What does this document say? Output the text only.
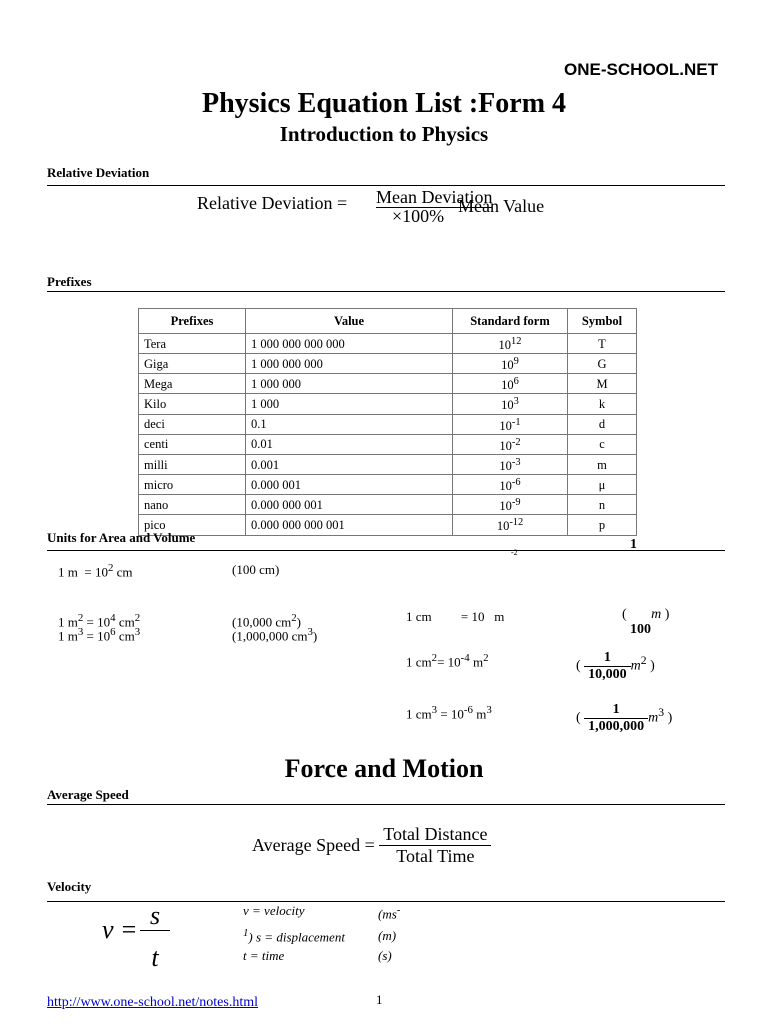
ONE-SCHOOL.NET
Physics Equation List :Form 4
Introduction to Physics
Relative Deviation
Relative Deviation =	Mean Deviation
Mean Value
×100%
Prefixes
Prefixes	Value	Standard form	Symbol
Tera	1 000 000 000 000	$10^{12}$	T
Giga	1 000 000 000	$10^9$	G
Mega	1 000 000	$10^6$	M
Kilo	1 000	$10^3$	k
deci	0.1	$10^{-1}$	d
centi	0.01	$10^{-2}$	c
milli	0.001	$10^{-3}$	m
micro	0.000 001	$10^{-6}$	μ
nano	0.000 000 001	$10^{-9}$	n
pico	0.000 000 000 001	$10^{-12}$	p
Units for Area and Volume	1
-2
1 $m = 10^2$ cm	(100 cm)
1 $m^2 = 10^4$ $cm^2$	(10,000 $cm^2$)
1 $m^3 = 10^6$ $cm^3$	(1,000,000 $cm^3$)
1 cm = 10 m	(       m )
100
1 $cm^2= 10^{-4}$ $m^2$
( $\frac{1}{10,000} m^2$ )
1 $cm^3 = 10^{-6}$ $m^3$
( $\frac{1}{1,000,000} m^3$ )
Force and Motion
Average Speed
Average Speed = $\frac{\text{Total Distance}}{\text{Total Time}}$
Velocity
v = s
t
v = velocity	(ms-
$^1$) s = displacement	(m)
t = time	(s)
http://www.one-school.net/notes.html	1
